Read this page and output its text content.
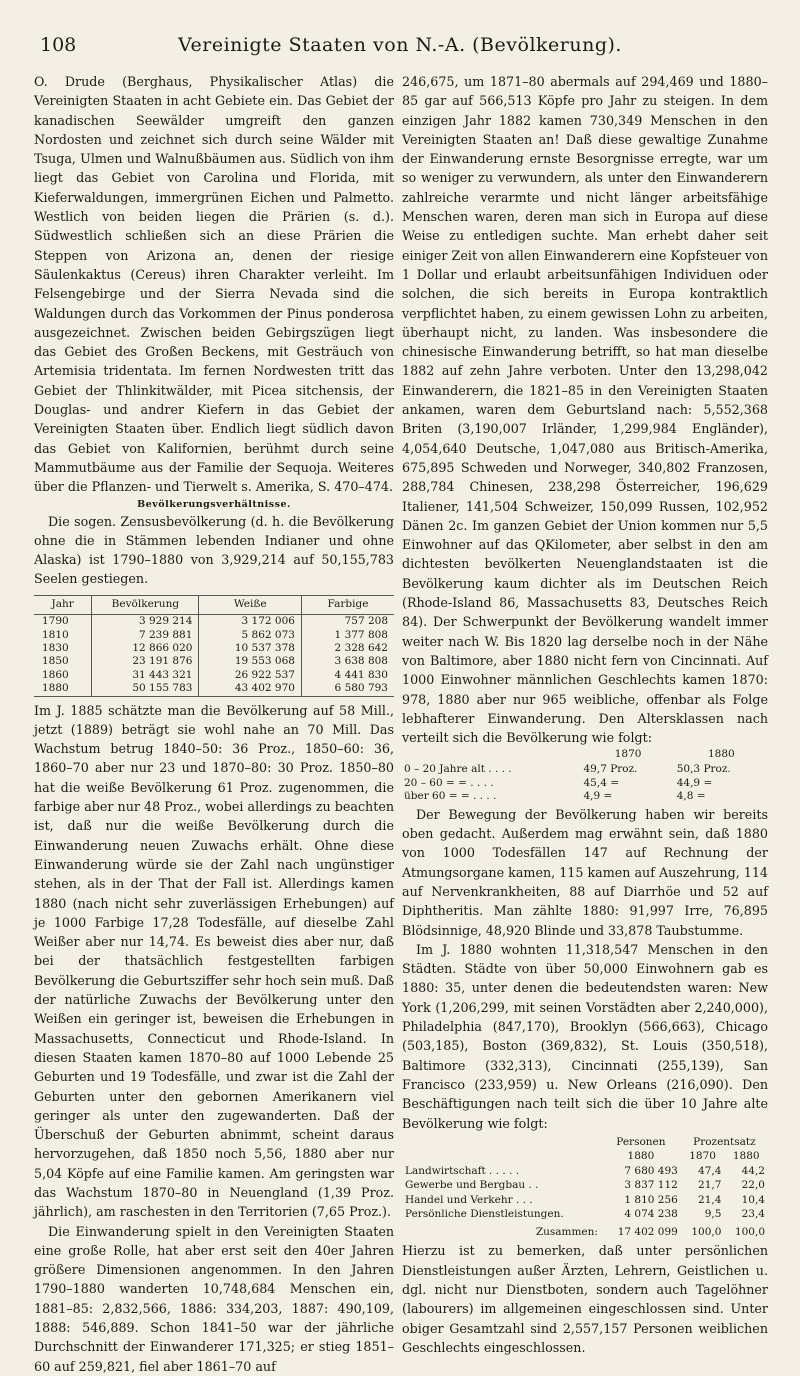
108	Vereinigte Staaten von N.-A. (Bevölkerung).

O. Drude (Berghaus, Physikalischer Atlas) die Vereinigten Staaten in acht Gebiete ein. Das Gebiet der kanadischen Seewälder umgreift den ganzen Nordosten und zeichnet sich durch seine Wälder mit Tsuga, Ulmen und Walnußbäumen aus. Südlich von ihm liegt das Gebiet von Carolina und Florida, mit Kieferwaldungen, immergrünen Eichen und Palmetto. Westlich von beiden liegen die Prärien (s. d.). Südwestlich schließen sich an diese Prärien die Steppen von Arizona an, denen der riesige Säulenkaktus (Cereus) ihren Charakter verleiht. Im Felsengebirge und der Sierra Nevada sind die Waldungen durch das Vorkommen der Pinus ponderosa ausgezeichnet. Zwischen beiden Gebirgszügen liegt das Gebiet des Großen Beckens, mit Gesträuch von Artemisia tridentata. Im fernen Nordwesten tritt das Gebiet der Thlinkitwälder, mit Picea sitchensis, der Douglas- und andrer Kiefern in das Gebiet der Vereinigten Staaten über. Endlich liegt südlich davon das Gebiet von Kalifornien, berühmt durch seine Mammutbäume aus der Familie der Sequoja. Weiteres über die Pflanzen- und Tierwelt s. Amerika, S. 470–474.

Bevölkerungsverhältnisse.

Die sogen. Zensusbevölkerung (d. h. die Bevölkerung ohne die in Stämmen lebenden Indianer und ohne Alaska) ist 1790–1880 von 3,929,214 auf 50,155,783 Seelen gestiegen.

Jahr	Bevölkerung	Weiße	Farbige
1790	3 929 214	3 172 006	757 208
1810	7 239 881	5 862 073	1 377 808
1830	12 866 020	10 537 378	2 328 642
1850	23 191 876	19 553 068	3 638 808
1860	31 443 321	26 922 537	4 441 830
1880	50 155 783	43 402 970	6 580 793

Im J. 1885 schätzte man die Bevölkerung auf 58 Mill., jetzt (1889) beträgt sie wohl nahe an 70 Mill. Das Wachstum betrug 1840–50: 36 Proz., 1850–60: 36, 1860–70 aber nur 23 und 1870–80: 30 Proz. 1850–80 hat die weiße Bevölkerung 61 Proz. zugenommen, die farbige aber nur 48 Proz., wobei allerdings zu beachten ist, daß nur die weiße Bevölkerung durch die Einwanderung neuen Zuwachs erhält. Ohne diese Einwanderung würde sie der Zahl nach ungünstiger stehen, als in der That der Fall ist. Allerdings kamen 1880 (nach nicht sehr zuverlässigen Erhebungen) auf je 1000 Farbige 17,28 Todesfälle, auf dieselbe Zahl Weißer aber nur 14,74. Es beweist dies aber nur, daß bei der thatsächlich festgestellten farbigen Bevölkerung die Geburtsziffer sehr hoch sein muß. Daß der natürliche Zuwachs der Bevölkerung unter den Weißen ein geringer ist, beweisen die Erhebungen in Massachusetts, Connecticut und Rhode-Island. In diesen Staaten kamen 1870–80 auf 1000 Lebende 25 Geburten und 19 Todesfälle, und zwar ist die Zahl der Geburten unter den gebornen Amerikanern viel geringer als unter den zugewanderten. Daß der Überschuß der Geburten abnimmt, scheint daraus hervorzugehen, daß 1850 noch 5,56, 1880 aber nur 5,04 Köpfe auf eine Familie kamen. Am geringsten war das Wachstum 1870–80 in Neuengland (1,39 Proz. jährlich), am raschesten in den Territorien (7,65 Proz.).

Die Einwanderung spielt in den Vereinigten Staaten eine große Rolle, hat aber erst seit den 40er Jahren größere Dimensionen angenommen. In den Jahren 1790–1880 wanderten 10,748,684 Menschen ein, 1881–85: 2,832,566, 1886: 334,203, 1887: 490,109, 1888: 546,889. Schon 1841–50 war der jährliche Durchschnitt der Einwanderer 171,325; er stieg 1851–60 auf 259,821, fiel aber 1861–70 auf

246,675, um 1871–80 abermals auf 294,469 und 1880–85 gar auf 566,513 Köpfe pro Jahr zu steigen. In dem einzigen Jahr 1882 kamen 730,349 Menschen in den Vereinigten Staaten an! Daß diese gewaltige Zunahme der Einwanderung ernste Besorgnisse erregte, war um so weniger zu verwundern, als unter den Einwanderern zahlreiche verarmte und nicht länger arbeitsfähige Menschen waren, deren man sich in Europa auf diese Weise zu entledigen suchte. Man erhebt daher seit einiger Zeit von allen Einwanderern eine Kopfsteuer von 1 Dollar und erlaubt arbeitsunfähigen Individuen oder solchen, die sich bereits in Europa kontraktlich verpflichtet haben, zu einem gewissen Lohn zu arbeiten, überhaupt nicht, zu landen. Was insbesondere die chinesische Einwanderung betrifft, so hat man dieselbe 1882 auf zehn Jahre verboten. Unter den 13,298,042 Einwanderern, die 1821–85 in den Vereinigten Staaten ankamen, waren dem Geburtsland nach: 5,552,368 Briten (3,190,007 Irländer, 1,299,984 Engländer), 4,054,640 Deutsche, 1,047,080 aus Britisch-Amerika, 675,895 Schweden und Norweger, 340,802 Franzosen, 288,784 Chinesen, 238,298 Österreicher, 196,629 Italiener, 141,504 Schweizer, 150,099 Russen, 102,952 Dänen 2c. Im ganzen Gebiet der Union kommen nur 5,5 Einwohner auf das QKilometer, aber selbst in den am dichtesten bevölkerten Neuenglandstaaten ist die Bevölkerung kaum dichter als im Deutschen Reich (Rhode-Island 86, Massachusetts 83, Deutsches Reich 84). Der Schwerpunkt der Bevölkerung wandelt immer weiter nach W. Bis 1820 lag derselbe noch in der Nähe von Baltimore, aber 1880 nicht fern von Cincinnati. Auf 1000 Einwohner männlichen Geschlechts kamen 1870: 978, 1880 aber nur 965 weibliche, offenbar als Folge lebhafterer Einwanderung. Den Altersklassen nach verteilt sich die Bevölkerung wie folgt:

	1870	1880
0 – 20 Jahre alt . . . .	49,7 Proz.	50,3 Proz.
20 – 60 = = . . . .	45,4 =	44,9 =
über 60 = = . . . .	4,9 =	4,8 =

Der Bewegung der Bevölkerung haben wir bereits oben gedacht. Außerdem mag erwähnt sein, daß 1880 von 1000 Todesfällen 147 auf Rechnung der Atmungsorgane kamen, 115 kamen auf Auszehrung, 114 auf Nervenkrankheiten, 88 auf Diarrhöe und 52 auf Diphtheritis. Man zählte 1880: 91,997 Irre, 76,895 Blödsinnige, 48,920 Blinde und 33,878 Taubstumme.

Im J. 1880 wohnten 11,318,547 Menschen in den Städten. Städte von über 50,000 Einwohnern gab es 1880: 35, unter denen die bedeutendsten waren: New York (1,206,299, mit seinen Vorstädten aber 2,240,000), Philadelphia (847,170), Brooklyn (566,663), Chicago (503,185), Boston (369,832), St. Louis (350,518), Baltimore (332,313), Cincinnati (255,139), San Francisco (233,959) u. New Orleans (216,090). Den Beschäftigungen nach teilt sich die über 10 Jahre alte Bevölkerung wie folgt:

	Personen	Prozentsatz	
	1880	1870	1880
Landwirtschaft . . . . .	7 680 493	47,4	44,2
Gewerbe und Bergbau . .	3 837 112	21,7	22,0
Handel und Verkehr . . .	1 810 256	21,4	10,4
Persönliche Dienstleistungen.	4 074 238	9,5	23,4
Zusammen:	17 402 099	100,0	100,0

Hierzu ist zu bemerken, daß unter persönlichen Dienstleistungen außer Ärzten, Lehrern, Geistlichen u. dgl. nicht nur Dienstboten, sondern auch Tagelöhner (labourers) im allgemeinen eingeschlossen sind. Unter obiger Gesamtzahl sind 2,557,157 Personen weiblichen Geschlechts eingeschlossen.
